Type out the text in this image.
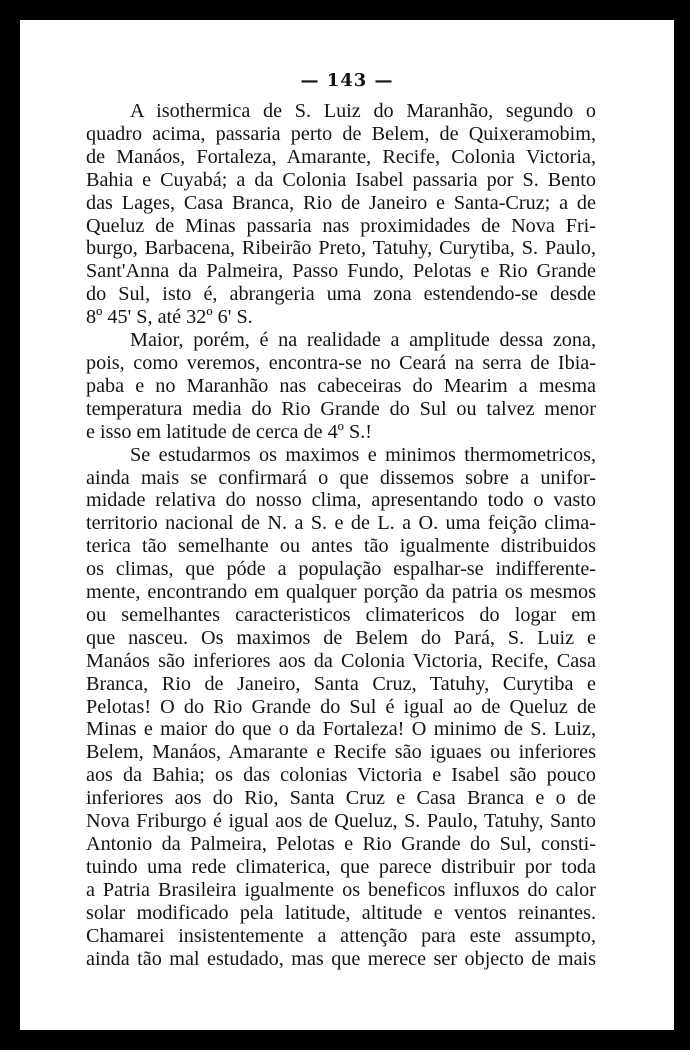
— 143 —
A isothermica de S. Luiz do Maranhão, segundo o
quadro acima, passaria perto de Belem, de Quixeramobim,
de Manáos, Fortaleza, Amarante, Recife, Colonia Victoria,
Bahia e Cuyabá; a da Colonia Isabel passaria por S. Bento
das Lages, Casa Branca, Rio de Janeiro e Santa-Cruz; a de
Queluz de Minas passaria nas proximidades de Nova Fri-
burgo, Barbacena, Ribeirão Preto, Tatuhy, Curytiba, S. Paulo,
Sant'Anna da Palmeira, Passo Fundo, Pelotas e Rio Grande
do Sul, isto é, abrangeria uma zona estendendo-se desde
8º 45' S, até 32º 6' S.
Maior, porém, é na realidade a amplitude dessa zona,
pois, como veremos, encontra-se no Ceará na serra de Ibia-
paba e no Maranhão nas cabeceiras do Mearim a mesma
temperatura media do Rio Grande do Sul ou talvez menor
e isso em latitude de cerca de 4º S.!
Se estudarmos os maximos e minimos thermometricos,
ainda mais se confirmará o que dissemos sobre a unifor-
midade relativa do nosso clima, apresentando todo o vasto
territorio nacional de N. a S. e de L. a O. uma feição clima-
terica tão semelhante ou antes tão igualmente distribuidos
os climas, que póde a população espalhar-se indifferente-
mente, encontrando em qualquer porção da patria os mesmos
ou semelhantes caracteristicos climatericos do logar em
que nasceu. Os maximos de Belem do Pará, S. Luiz e
Manáos são inferiores aos da Colonia Victoria, Recife, Casa
Branca, Rio de Janeiro, Santa Cruz, Tatuhy, Curytiba e
Pelotas! O do Rio Grande do Sul é igual ao de Queluz de
Minas e maior do que o da Fortaleza! O minimo de S. Luiz,
Belem, Manáos, Amarante e Recife são iguaes ou inferiores
aos da Bahia; os das colonias Victoria e Isabel são pouco
inferiores aos do Rio, Santa Cruz e Casa Branca e o de
Nova Friburgo é igual aos de Queluz, S. Paulo, Tatuhy, Santo
Antonio da Palmeira, Pelotas e Rio Grande do Sul, consti-
tuindo uma rede climaterica, que parece distribuir por toda
a Patria Brasileira igualmente os beneficos influxos do calor
solar modificado pela latitude, altitude e ventos reinantes.
Chamarei insistentemente a attenção para este assumpto,
ainda tão mal estudado, mas que merece ser objecto de mais
